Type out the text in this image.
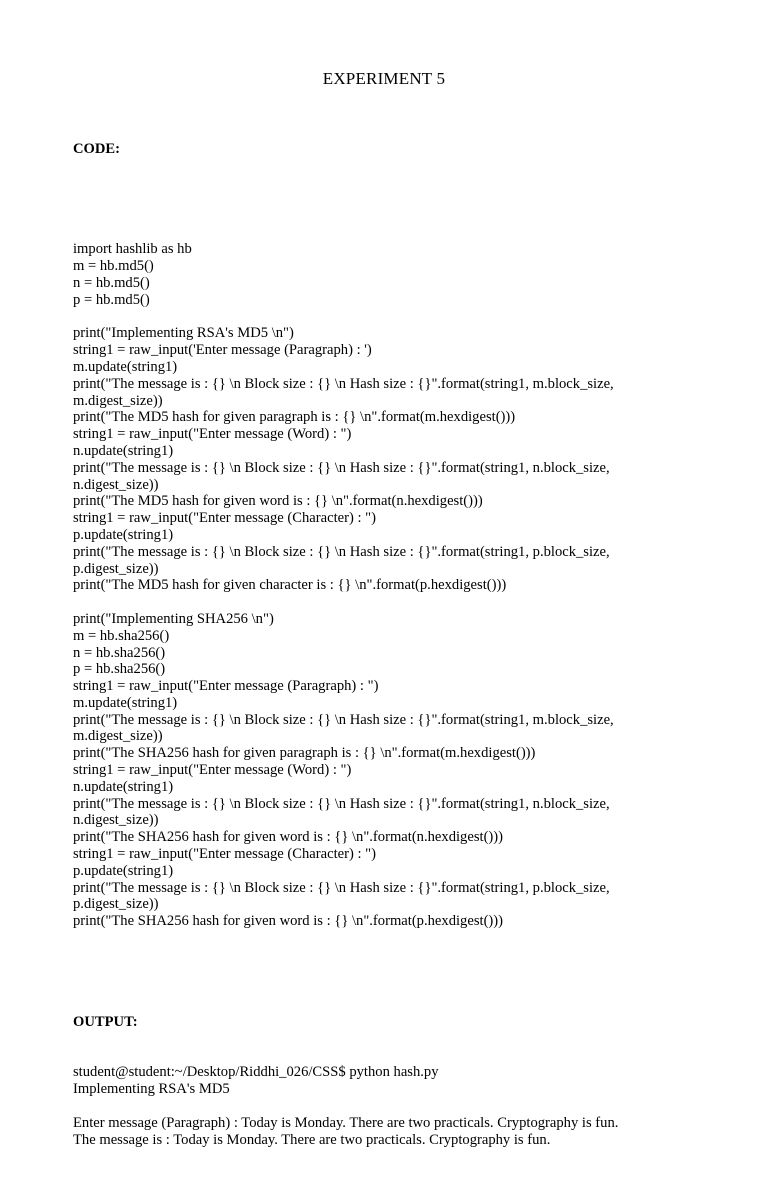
EXPERIMENT 5

CODE:

import hashlib as hb
m = hb.md5()
n = hb.md5()
p = hb.md5()
print("Implementing RSA's MD5 \n")
string1 = raw_input('Enter message (Paragraph) : ')
m.update(string1)
print("The message is : {} \n Block size : {} \n Hash size : {}".format(string1, m.block_size,
m.digest_size))
print("The MD5 hash for given paragraph is : {} \n".format(m.hexdigest()))
string1 = raw_input("Enter message (Word) : ")
n.update(string1)
print("The message is : {} \n Block size : {} \n Hash size : {}".format(string1, n.block_size,
n.digest_size))
print("The MD5 hash for given word is : {} \n".format(n.hexdigest()))
string1 = raw_input("Enter message (Character) : ")
p.update(string1)
print("The message is : {} \n Block size : {} \n Hash size : {}".format(string1, p.block_size,
p.digest_size))
print("The MD5 hash for given character is : {} \n".format(p.hexdigest()))
print("Implementing SHA256 \n")
m = hb.sha256()
n = hb.sha256()
p = hb.sha256()
string1 = raw_input("Enter message (Paragraph) : ")
m.update(string1)
print("The message is : {} \n Block size : {} \n Hash size : {}".format(string1, m.block_size,
m.digest_size))
print("The SHA256 hash for given paragraph is : {} \n".format(m.hexdigest()))
string1 = raw_input("Enter message (Word) : ")
n.update(string1)
print("The message is : {} \n Block size : {} \n Hash size : {}".format(string1, n.block_size,
n.digest_size))
print("The SHA256 hash for given word is : {} \n".format(n.hexdigest()))
string1 = raw_input("Enter message (Character) : ")
p.update(string1)
print("The message is : {} \n Block size : {} \n Hash size : {}".format(string1, p.block_size,
p.digest_size))
print("The SHA256 hash for given word is : {} \n".format(p.hexdigest()))

OUTPUT:

student@student:~/Desktop/Riddhi_026/CSS$ python hash.py
Implementing RSA's MD5
Enter message (Paragraph) : Today is Monday. There are two practicals. Cryptography is fun.
The message is : Today is Monday. There are two practicals. Cryptography is fun.
